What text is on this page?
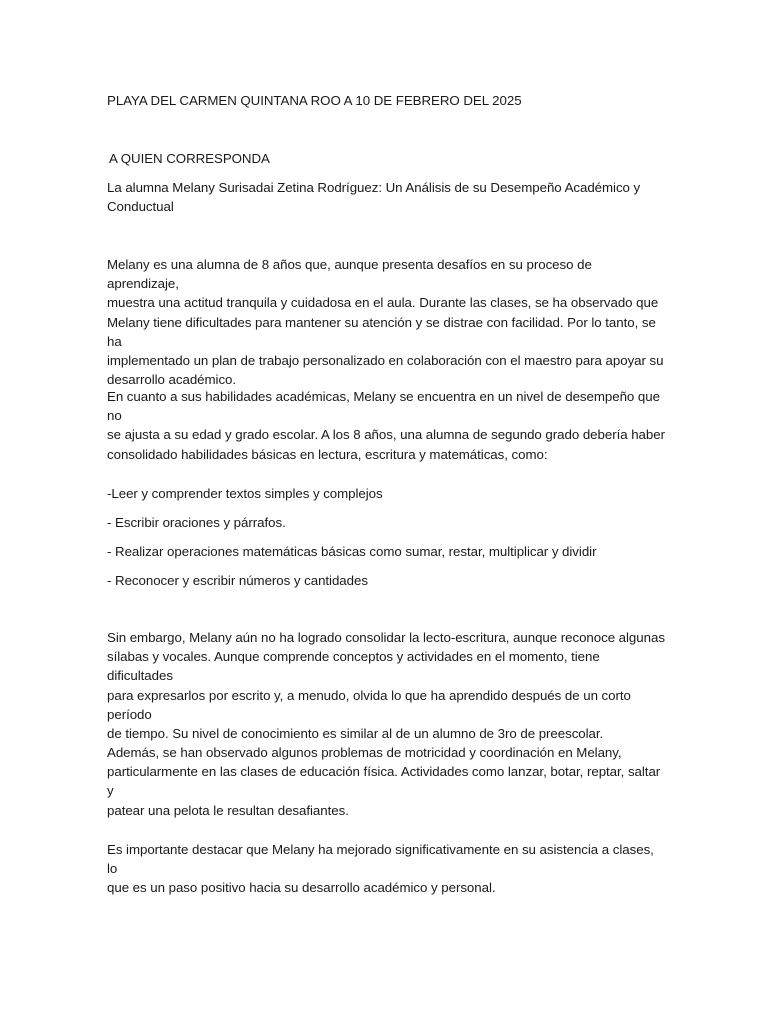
PLAYA DEL CARMEN QUINTANA ROO A 10 DE FEBRERO DEL 2025
A QUIEN CORRESPONDA
La alumna Melany Surisadai Zetina Rodríguez: Un Análisis de su Desempeño Académico y
Conductual
Melany es una alumna de 8 años que, aunque presenta desafíos en su proceso de aprendizaje,
muestra una actitud tranquila y cuidadosa en el aula. Durante las clases, se ha observado que
Melany tiene dificultades para mantener su atención y se distrae con facilidad. Por lo tanto, se ha
implementado un plan de trabajo personalizado en colaboración con el maestro para apoyar su
desarrollo académico.
En cuanto a sus habilidades académicas, Melany se encuentra en un nivel de desempeño que no
se ajusta a su edad y grado escolar. A los 8 años, una alumna de segundo grado debería haber
consolidado habilidades básicas en lectura, escritura y matemáticas, como:
-Leer y comprender textos simples y complejos
- Escribir oraciones y párrafos.
- Realizar operaciones matemáticas básicas como sumar, restar, multiplicar y dividir
- Reconocer y escribir números y cantidades
Sin embargo, Melany aún no ha logrado consolidar la lecto-escritura, aunque reconoce algunas
sílabas y vocales. Aunque comprende conceptos y actividades en el momento, tiene dificultades
para expresarlos por escrito y, a menudo, olvida lo que ha aprendido después de un corto período
de tiempo. Su nivel de conocimiento es similar al de un alumno de 3ro de preescolar.
Además, se han observado algunos problemas de motricidad y coordinación en Melany,
particularmente en las clases de educación física. Actividades como lanzar, botar, reptar, saltar y
patear una pelota le resultan desafiantes.
Es importante destacar que Melany ha mejorado significativamente en su asistencia a clases, lo
que es un paso positivo hacia su desarrollo académico y personal.
